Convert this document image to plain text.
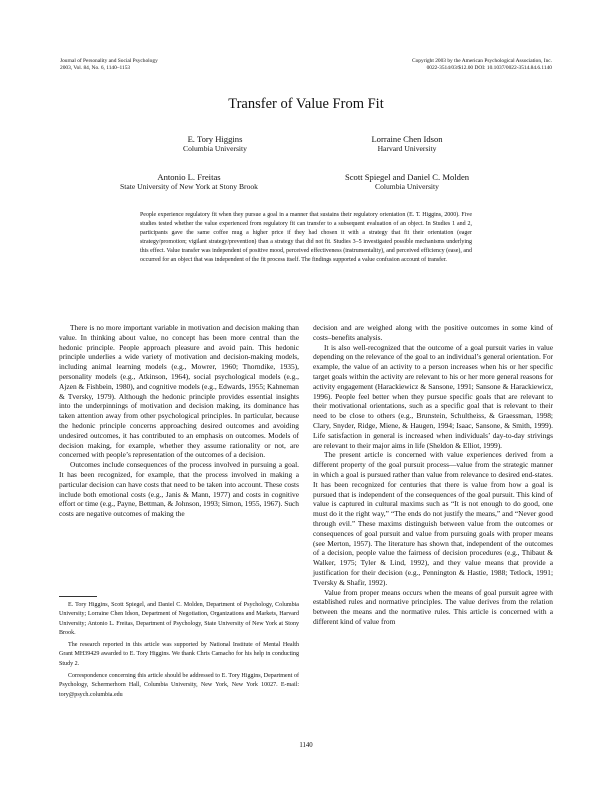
Journal of Personality and Social Psychology
2003, Vol. 84, No. 6, 1140–1153
Copyright 2003 by the American Psychological Association, Inc.
0022-3514/03/$12.00 DOI: 10.1037/0022-3514.84.6.1140
Transfer of Value From Fit
E. Tory Higgins
Columbia University
Lorraine Chen Idson
Harvard University
Antonio L. Freitas
State University of New York at Stony Brook
Scott Spiegel and Daniel C. Molden
Columbia University
People experience regulatory fit when they pursue a goal in a manner that sustains their regulatory orientation (E. T. Higgins, 2000). Five studies tested whether the value experienced from regulatory fit can transfer to a subsequent evaluation of an object. In Studies 1 and 2, participants gave the same coffee mug a higher price if they had chosen it with a strategy that fit their orientation (eager strategy/promotion; vigilant strategy/prevention) than a strategy that did not fit. Studies 3–5 investigated possible mechanisms underlying this effect. Value transfer was independent of positive mood, perceived effectiveness (instrumentality), and perceived efficiency (ease), and occurred for an object that was independent of the fit process itself. The findings supported a value confusion account of transfer.

There is no more important variable in motivation and decision making than value. In thinking about value, no concept has been more central than the hedonic principle. People approach pleasure and avoid pain. This hedonic principle underlies a wide variety of motivation and decision-making models, including animal learning models (e.g., Mowrer, 1960; Thorndike, 1935), personality models (e.g., Atkinson, 1964), social psychological models (e.g., Ajzen & Fishbein, 1980), and cognitive models (e.g., Edwards, 1955; Kahneman & Tversky, 1979). Although the hedonic principle provides essential insights into the underpinnings of motivation and decision making, its dominance has taken attention away from other psychological principles. In particular, because the hedonic principle concerns approaching desired outcomes and avoiding undesired outcomes, it has contributed to an emphasis on outcomes. Models of decision making, for example, whether they assume rationality or not, are concerned with people’s representation of the outcomes of a decision.

Outcomes include consequences of the process involved in pursuing a goal. It has been recognized, for example, that the process involved in making a particular decision can have costs that need to be taken into account. These costs include both emotional costs (e.g., Janis & Mann, 1977) and costs in cognitive effort or time (e.g., Payne, Bettman, & Johnson, 1993; Simon, 1955, 1967). Such costs are negative outcomes of making the

E. Tory Higgins, Scott Spiegel, and Daniel C. Molden, Department of Psychology, Columbia University; Lorraine Chen Idson, Department of Negotiation, Organizations and Markets, Harvard University; Antonio L. Freitas, Department of Psychology, State University of New York at Stony Brook.

The research reported in this article was supported by National Institute of Mental Health Grant MH39429 awarded to E. Tory Higgins. We thank Chris Camacho for his help in conducting Study 2.

Correspondence concerning this article should be addressed to E. Tory Higgins, Department of Psychology, Schermerhorn Hall, Columbia University, New York, New York 10027. E-mail: tory@psych.columbia.edu

decision and are weighed along with the positive outcomes in some kind of costs–benefits analysis.

It is also well-recognized that the outcome of a goal pursuit varies in value depending on the relevance of the goal to an individual’s general orientation. For example, the value of an activity to a person increases when his or her specific target goals within the activity are relevant to his or her more general reasons for activity engagement (Harackiewicz & Sansone, 1991; Sansone & Harackiewicz, 1996). People feel better when they pursue specific goals that are relevant to their motivational orientations, such as a specific goal that is relevant to their need to be close to others (e.g., Brunstein, Schultheiss, & Graessman, 1998; Clary, Snyder, Ridge, Miene, & Haugen, 1994; Isaac, Sansone, & Smith, 1999). Life satisfaction in general is increased when individuals’ day-to-day strivings are relevant to their major aims in life (Sheldon & Elliot, 1999).

The present article is concerned with value experiences derived from a different property of the goal pursuit process—value from the strategic manner in which a goal is pursued rather than value from relevance to desired end-states. It has been recognized for centuries that there is value from how a goal is pursued that is independent of the consequences of the goal pursuit. This kind of value is captured in cultural maxims such as “It is not enough to do good, one must do it the right way,” “The ends do not justify the means,” and “Never good through evil.” These maxims distinguish between value from the outcomes or consequences of goal pursuit and value from pursuing goals with proper means (see Merton, 1957). The literature has shown that, independent of the outcomes of a decision, people value the fairness of decision procedures (e.g., Thibaut & Walker, 1975; Tyler & Lind, 1992), and they value means that provide a justification for their decision (e.g., Pennington & Hastie, 1988; Tetlock, 1991; Tversky & Shafir, 1992).

Value from proper means occurs when the means of goal pursuit agree with established rules and normative principles. The value derives from the relation between the means and the normative rules. This article is concerned with a different kind of value from

1140
